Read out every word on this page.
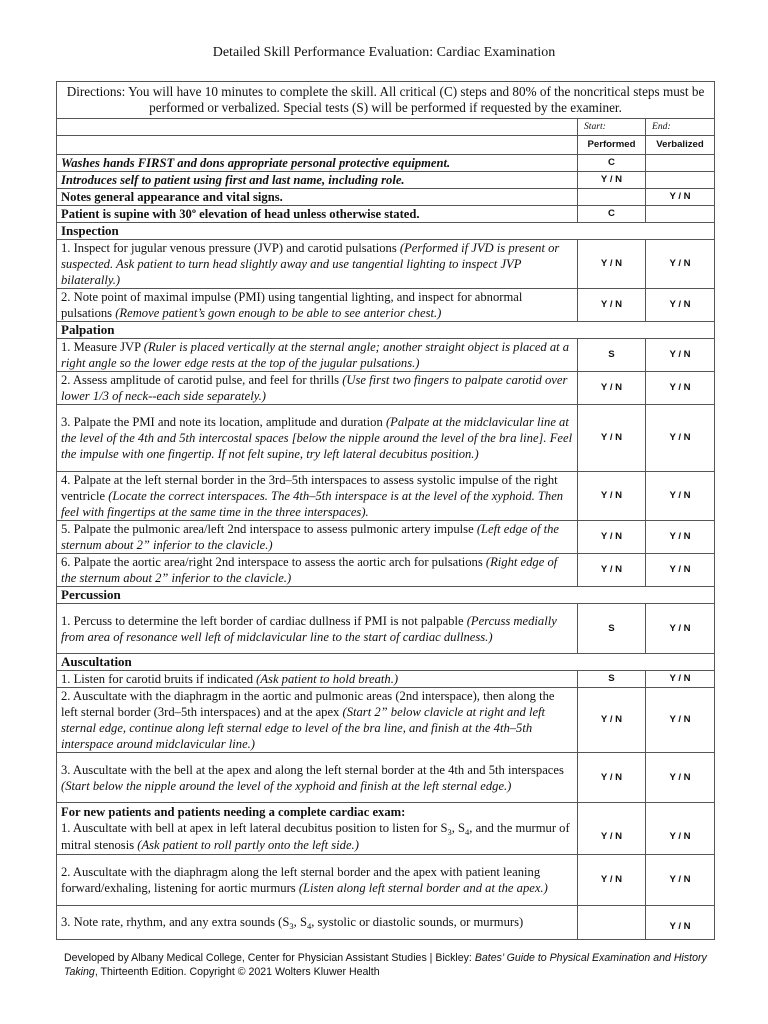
Detailed Skill Performance Evaluation: Cardiac Examination
Directions: You will have 10 minutes to complete the skill. All critical (C) steps and 80% of the noncritical steps must be performed or verbalized. Special tests (S) will be performed if requested by the examiner.		
	Start:	End:
	Performed	Verbalized
Washes hands FIRST and dons appropriate personal protective equipment.	C	
Introduces self to patient using first and last name, including role.	Y / N	
Notes general appearance and vital signs.		Y / N
Patient is supine with 30º elevation of head unless otherwise stated.	C	
Inspection		
1. Inspect for jugular venous pressure (JVP) and carotid pulsations (Performed if JVD is present or suspected. Ask patient to turn head slightly away and use tangential lighting to inspect JVP bilaterally.)	Y / N	Y / N
2. Note point of maximal impulse (PMI) using tangential lighting, and inspect for abnormal pulsations (Remove patient’s gown enough to be able to see anterior chest.)	Y / N	Y / N
Palpation		
1. Measure JVP (Ruler is placed vertically at the sternal angle; another straight object is placed at a right angle so the lower edge rests at the top of the jugular pulsations.)	S	Y / N
2. Assess amplitude of carotid pulse, and feel for thrills (Use first two fingers to palpate carotid over lower 1/3 of neck--each side separately.)	Y / N	Y / N
3. Palpate the PMI and note its location, amplitude and duration (Palpate at the midclavicular line at the level of the 4th and 5th intercostal spaces [below the nipple around the level of the bra line]. Feel the impulse with one fingertip. If not felt supine, try left lateral decubitus position.)	Y / N	Y / N
4. Palpate at the left sternal border in the 3rd–5th interspaces to assess systolic impulse of the right ventricle (Locate the correct interspaces. The 4th–5th interspace is at the level of the xyphoid. Then feel with fingertips at the same time in the three interspaces).	Y / N	Y / N
5. Palpate the pulmonic area/left 2nd interspace to assess pulmonic artery impulse (Left edge of the sternum about 2” inferior to the clavicle.)	Y / N	Y / N
6. Palpate the aortic area/right 2nd interspace to assess the aortic arch for pulsations (Right edge of the sternum about 2” inferior to the clavicle.)	Y / N	Y / N
Percussion		
1. Percuss to determine the left border of cardiac dullness if PMI is not palpable (Percuss medially from area of resonance well left of midclavicular line to the start of cardiac dullness.)	S	Y / N
Auscultation		
1. Listen for carotid bruits if indicated (Ask patient to hold breath.)	S	Y / N
2. Auscultate with the diaphragm in the aortic and pulmonic areas (2nd interspace), then along the left sternal border (3rd–5th interspaces) and at the apex (Start 2” below clavicle at right and left sternal edge, continue along left sternal edge to level of the bra line, and finish at the 4th–5th interspace around midclavicular line.)	Y / N	Y / N
3. Auscultate with the bell at the apex and along the left sternal border at the 4th and 5th interspaces (Start below the nipple around the level of the xyphoid and finish at the left sternal edge.)	Y / N	Y / N

For new patients and patients needing a complete cardiac exam:
1. Auscultate with bell at apex in left lateral decubitus position to listen for $S_3$, $S_4$, and the murmur of mitral stenosis (Ask patient to roll partly onto the left side.)	Y / N	Y / N
2. Auscultate with the diaphragm along the left sternal border and the apex with patient leaning forward/exhaling, listening for aortic murmurs (Listen along left sternal border and at the apex.)	Y / N	Y / N
3. Note rate, rhythm, and any extra sounds ($S_3$, $S_4$, systolic or diastolic sounds, or murmurs)		Y / N
Developed by Albany Medical College, Center for Physician Assistant Studies | Bickley: Bates’ Guide to Physical Examination and History Taking, Thirteenth Edition. Copyright © 2021 Wolters Kluwer Health
